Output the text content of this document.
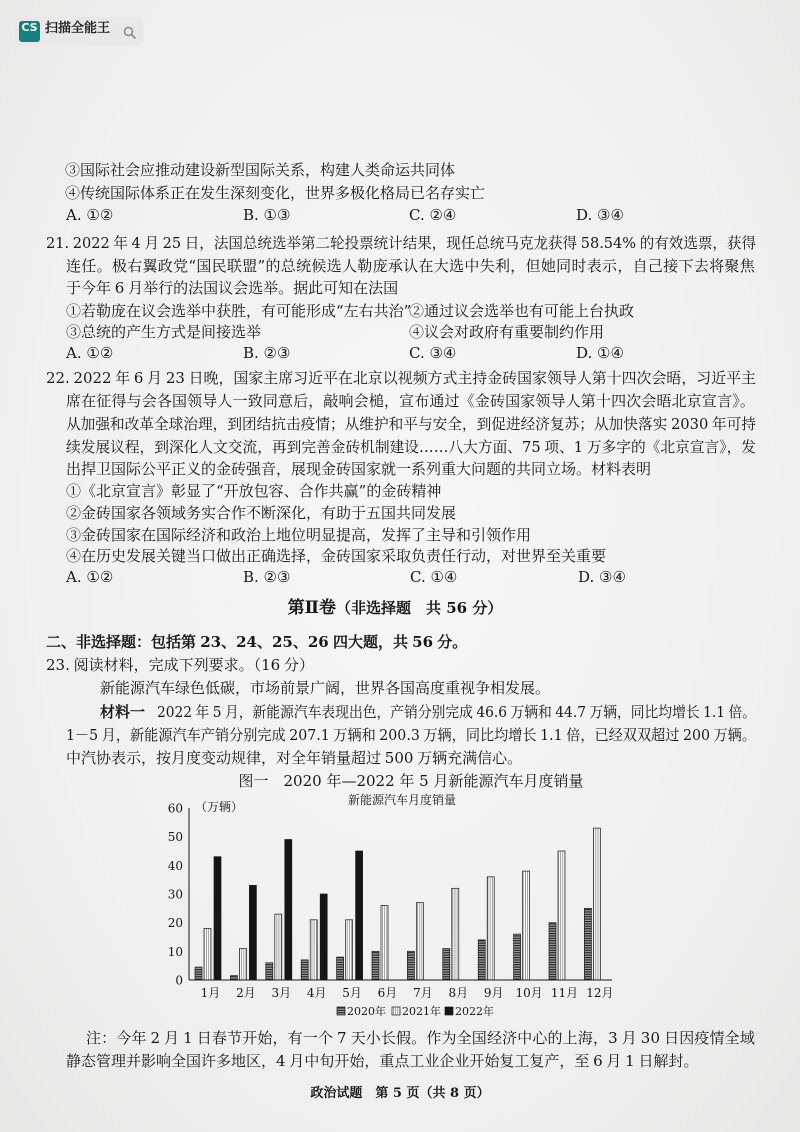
CS 扫描全能王
③国际社会应推动建设新型国际关系，构建人类命运共同体
④传统国际体系正在发生深刻变化，世界多极化格局已名存实亡
A. ①②	B. ①③	C. ②④	D. ③④
21. 2022 年 4 月 25 日，法国总统选举第二轮投票统计结果，现任总统马克龙获得 58.54% 的有效选票，获得
连任。极右翼政党“国民联盟”的总统候选人勒庞承认在大选中失利，但她同时表示，自己接下去将聚焦
于今年 6 月举行的法国议会选举。据此可知在法国
①若勒庞在议会选举中获胜，有可能形成“左右共治”
②通过议会选举也有可能上台执政
③总统的产生方式是间接选举	④议会对政府有重要制约作用
A. ①②	B. ②③	C. ③④	D. ①④
22. 2022 年 6 月 23 日晚，国家主席习近平在北京以视频方式主持金砖国家领导人第十四次会晤，习近平主
席在征得与会各国领导人一致同意后，敲响会槌，宣布通过《金砖国家领导人第十四次会晤北京宣言》。
从加强和改革全球治理，到团结抗击疫情；从维护和平与安全，到促进经济复苏；从加快落实 2030 年可持
续发展议程，到深化人文交流，再到完善金砖机制建设……八大方面、75 项、1 万多字的《北京宣言》，发
出捍卫国际公平正义的金砖强音，展现金砖国家就一系列重大问题的共同立场。材料表明
①《北京宣言》彰显了“开放包容、合作共赢”的金砖精神
②金砖国家各领域务实合作不断深化，有助于五国共同发展
③金砖国家在国际经济和政治上地位明显提高，发挥了主导和引领作用
④在历史发展关键当口做出正确选择，金砖国家采取负责任行动，对世界至关重要
A. ①②	B. ②③	C. ①④	D. ③④
第Ⅱ卷（非选择题　共 56 分）
二、非选择题：包括第 23、24、25、26 四大题，共 56 分。
23. 阅读材料，完成下列要求。（16 分）
新能源汽车绿色低碳，市场前景广阔，世界各国高度重视争相发展。
材料一 2022 年 5 月，新能源汽车表现出色，产销分别完成 46.6 万辆和 44.7 万辆，同比均增长 1.1 倍。
1－5 月，新能源汽车产销分别完成 207.1 万辆和 200.3 万辆，同比均增长 1.1 倍，已经双双超过 200 万辆。
中汽协表示，按月度变动规律，对全年销量超过 500 万辆充满信心。
图一　2020 年—2022 年 5 月新能源汽车月度销量
新能源汽车月度销量
（万辆）
0
10
20
30
40
50
60
1月 2月 3月 4月 5月 6月 7月 8月 9月 10月 11月 12月
2020年 2021年 2022年
注：今年 2 月 1 日春节开始，有一个 7 天小长假。作为全国经济中心的上海，3 月 30 日因疫情全域
静态管理并影响全国许多地区，4 月中旬开始，重点工业企业开始复工复产，至 6 月 1 日解封。
政治试题　第 5 页（共 8 页）
